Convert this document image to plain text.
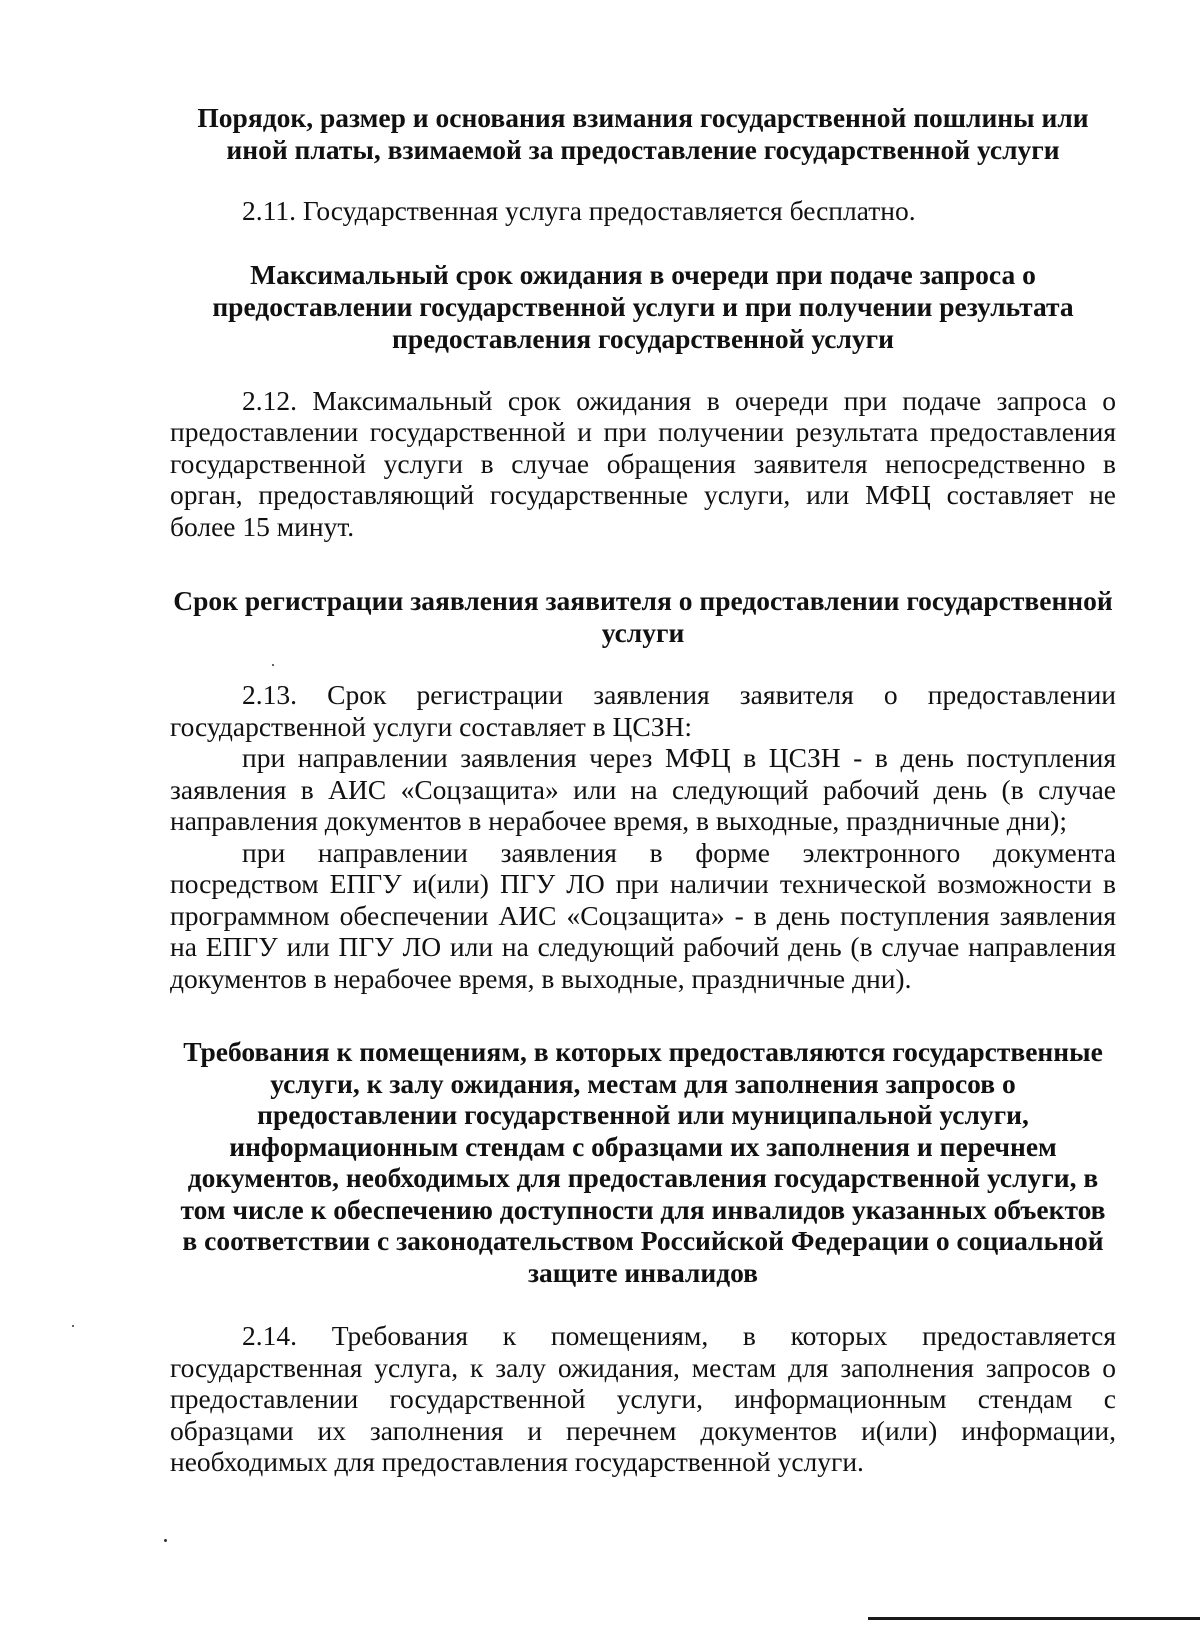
Порядок, размер и основания взимания государственной пошлины или иной платы, взимаемой за предоставление государственной услуги

2.11. Государственная услуга предоставляется бесплатно.

Максимальный срок ожидания в очереди при подаче запроса о предоставлении государственной услуги и при получении результата предоставления государственной услуги

2.12. Максимальный срок ожидания в очереди при подаче запроса о предоставлении государственной и при получении результата предоставления государственной услуги в случае обращения заявителя непосредственно в орган, предоставляющий государственные услуги, или МФЦ составляет не более 15 минут.

Срок регистрации заявления заявителя о предоставлении государственной услуги

2.13. Срок регистрации заявления заявителя о предоставлении государственной услуги составляет в ЦСЗН:

при направлении заявления через МФЦ в ЦСЗН - в день поступления заявления в АИС «Соцзащита» или на следующий рабочий день (в случае направления документов в нерабочее время, в выходные, праздничные дни);

при направлении заявления в форме электронного документа посредством ЕПГУ и(или) ПГУ ЛО при наличии технической возможности в программном обеспечении АИС «Соцзащита» - в день поступления заявления на ЕПГУ или ПГУ ЛО или на следующий рабочий день (в случае направления документов в нерабочее время, в выходные, праздничные дни).

Требования к помещениям, в которых предоставляются государственные услуги, к залу ожидания, местам для заполнения запросов о предоставлении государственной или муниципальной услуги, информационным стендам с образцами их заполнения и перечнем документов, необходимых для предоставления государственной услуги, в том числе к обеспечению доступности для инвалидов указанных объектов в соответствии с законодательством Российской Федерации о социальной защите инвалидов

2.14. Требования к помещениям, в которых предоставляется государственная услуга, к залу ожидания, местам для заполнения запросов о предоставлении государственной услуги, информационным стендам с образцами их заполнения и перечнем документов и(или) информации, необходимых для предоставления государственной услуги.
